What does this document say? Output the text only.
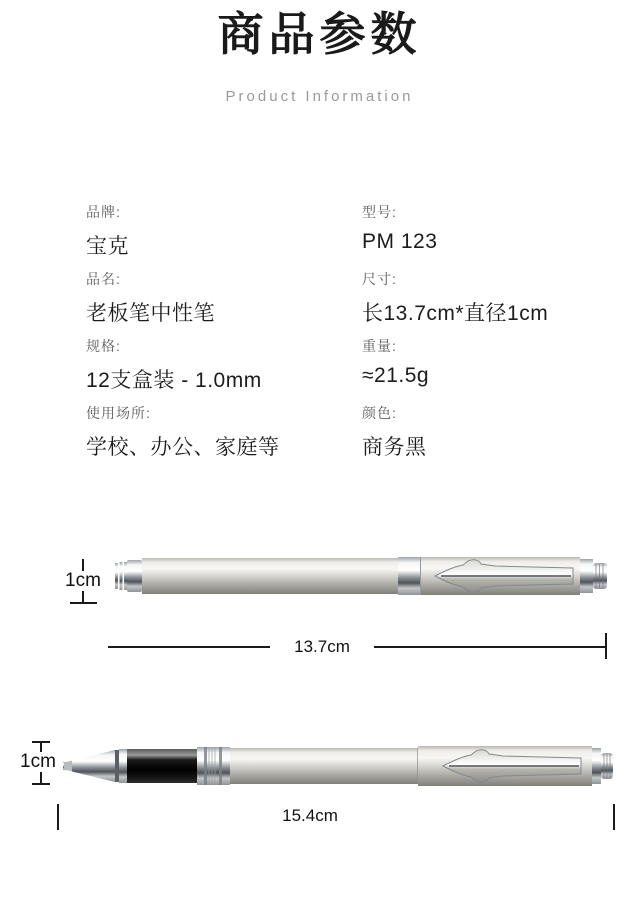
商品参数
Product Information
品牌:
宝克
型号:
PM 123
品名:
老板笔中性笔
尺寸:
长13.7cm*直径1cm
规格:
12支盒装 - 1.0mm
重量:
≈21.5g
使用场所:
学校、办公、家庭等
颜色:
商务黑
1cm
13.7cm
1cm
15.4cm
